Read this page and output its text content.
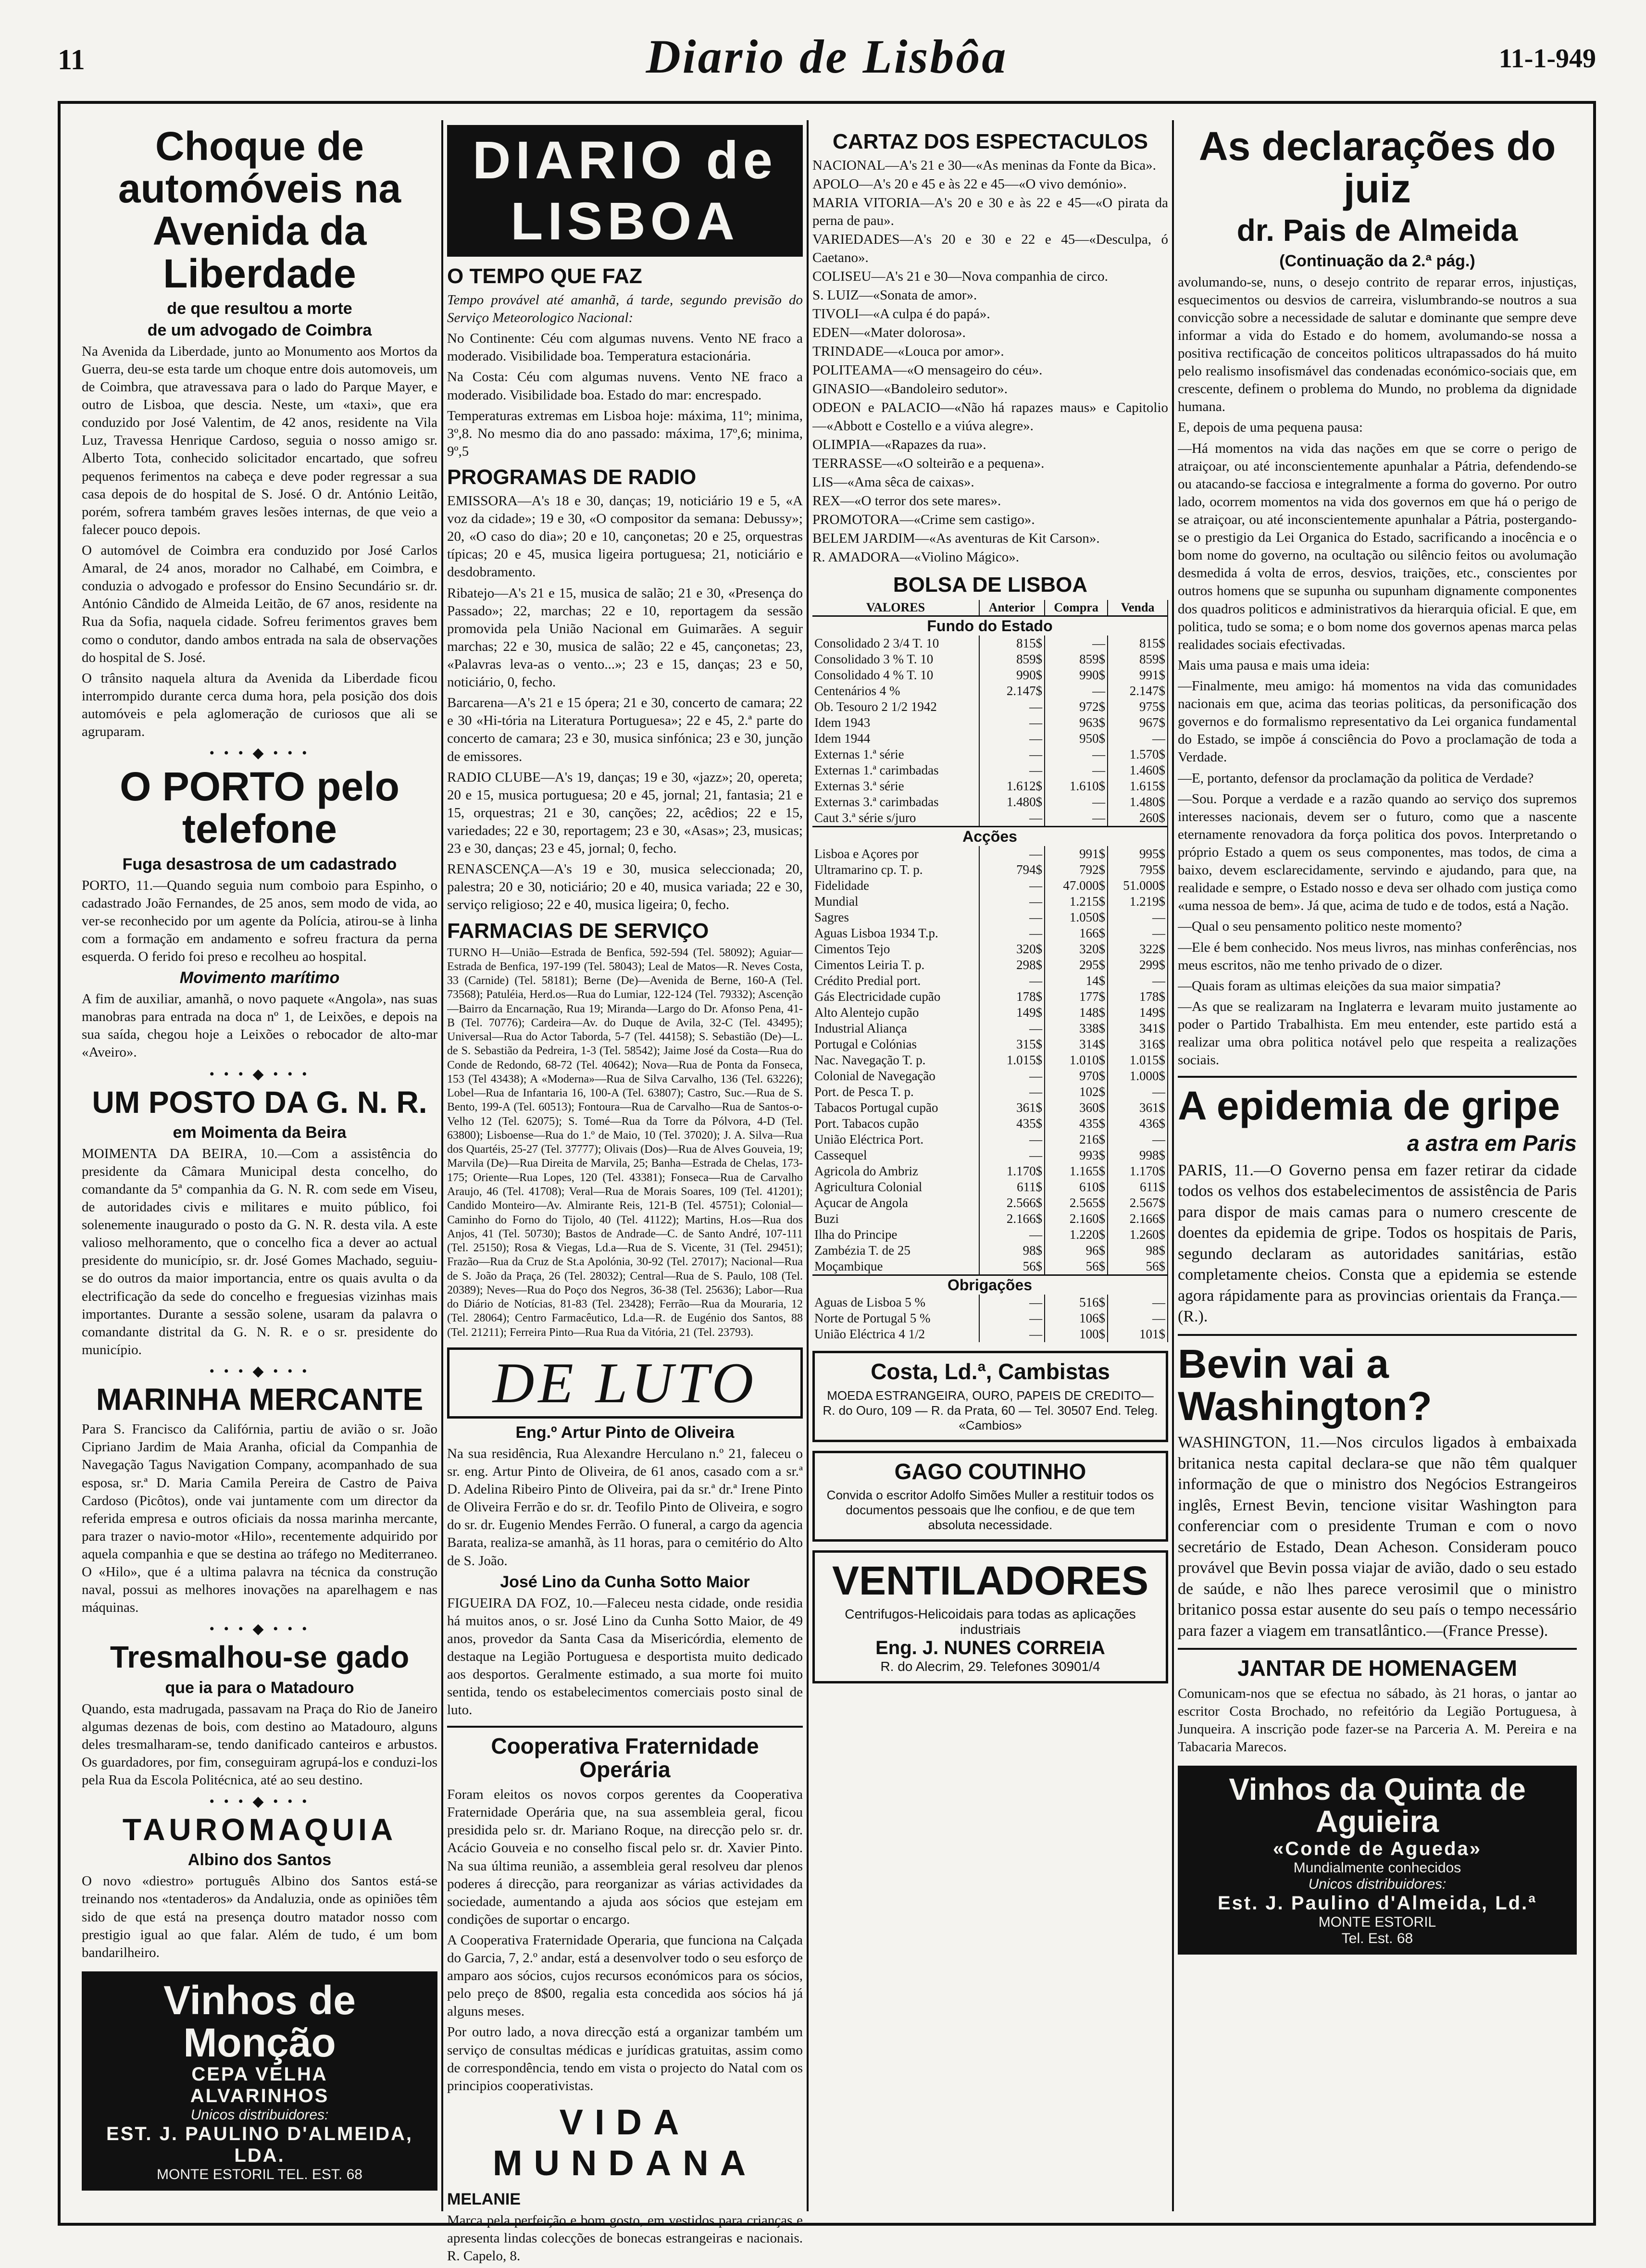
11	Diario de Lisbôa	11-1-949
Choque de automóveis na Avenida da Liberdade
de que resultou a morte
de um advogado de Coimbra

Na Avenida da Liberdade, junto ao Monumento aos Mortos da Guerra, deu-se esta tarde um choque entre dois automoveis, um de Coimbra, que atravessava para o lado do Parque Mayer, e outro de Lisboa, que descia. Neste, um «taxi», que era conduzido por José Valentim, de 42 anos, residente na Vila Luz, Travessa Henrique Cardoso, seguia o nosso amigo sr. Alberto Tota, conhecido solicitador encartado, que sofreu pequenos ferimentos na cabeça e deve poder regressar a sua casa depois de do hospital de S. José. O dr. António Leitão, porém, sofrera também graves lesões internas, de que veio a falecer pouco depois.

O automóvel de Coimbra era conduzido por José Carlos Amaral, de 24 anos, morador no Calhabé, em Coimbra, e conduzia o advogado e professor do Ensino Secundário sr. dr. António Cândido de Almeida Leitão, de 67 anos, residente na Rua da Sofia, naquela cidade. Sofreu ferimentos graves bem como o condutor, dando ambos entrada na sala de observações do hospital de S. José.

O trânsito naquela altura da Avenida da Liberdade ficou interrompido durante cerca duma hora, pela posição dos dois automóveis e pela aglomeração de curiosos que ali se agruparam.

• • • ◆ • • •
O PORTO pelo telefone
Fuga desastrosa de um cadastrado

PORTO, 11.—Quando seguia num comboio para Espinho, o cadastrado João Fernandes, de 25 anos, sem modo de vida, ao ver-se reconhecido por um agente da Polícia, atirou-se à linha com a formação em andamento e sofreu fractura da perna esquerda. O ferido foi preso e recolheu ao hospital.

Movimento marítimo

A fim de auxiliar, amanhã, o novo paquete «Angola», nas suas manobras para entrada na doca nº 1, de Leixões, e depois na sua saída, chegou hoje a Leixões o rebocador de alto-mar «Aveiro».

• • • ◆ • • •
UM POSTO DA G. N. R.
em Moimenta da Beira

MOIMENTA DA BEIRA, 10.—Com a assistência do presidente da Câmara Municipal desta concelho, do comandante da 5ª companhia da G. N. R. com sede em Viseu, de autoridades civis e militares e muito público, foi solenemente inaugurado o posto da G. N. R. desta vila. A este valioso melhoramento, que o concelho fica a dever ao actual presidente do município, sr. dr. José Gomes Machado, seguiu-se do outros da maior importancia, entre os quais avulta o da electrificação da sede do concelho e freguesias vizinhas mais importantes. Durante a sessão solene, usaram da palavra o comandante distrital da G. N. R. e o sr. presidente do município.

• • • ◆ • • •
MARINHA MERCANTE

Para S. Francisco da Califórnia, partiu de avião o sr. João Cipriano Jardim de Maia Aranha, oficial da Companhia de Navegação Tagus Navigation Company, acompanhado de sua esposa, sr.ª D. Maria Camila Pereira de Castro de Paiva Cardoso (Picôtos), onde vai juntamente com um director da referida empresa e outros oficiais da nossa marinha mercante, para trazer o navio-motor «Hilo», recentemente adquirido por aquela companhia e que se destina ao tráfego no Mediterraneo. O «Hilo», que é a ultima palavra na técnica da construção naval, possui as melhores inovações na aparelhagem e nas máquinas.

• • • ◆ • • •
Tresmalhou-se gado
que ia para o Matadouro

Quando, esta madrugada, passavam na Praça do Rio de Janeiro algumas dezenas de bois, com destino ao Matadouro, alguns deles tresmalharam-se, tendo danificado canteiros e arbustos. Os guardadores, por fim, conseguiram agrupá-los e conduzi-los pela Rua da Escola Politécnica, até ao seu destino.

• • • ◆ • • •
TAUROMAQUIA
Albino dos Santos

O novo «diestro» português Albino dos Santos está-se treinando nos «tentaderos» da Andaluzia, onde as opiniões têm sido de que está na presença doutro matador nosso com prestigio igual ao que falar. Além de tudo, é um bom bandarilheiro.

Vinhos de Monção
CEPA VELHA
ALVARINHOS
Unicos distribuidores:
EST. J. PAULINO D'ALMEIDA, LDA.
MONTE ESTORIL TEL. EST. 68
DIARIO de LISBOA
O TEMPO QUE FAZ

Tempo provável até amanhã, á tarde, segundo previsão do Serviço Meteorologico Nacional:

No Continente: Céu com algumas nuvens. Vento NE fraco a moderado. Visibilidade boa. Temperatura estacionária.

Na Costa: Céu com algumas nuvens. Vento NE fraco a moderado. Visibilidade boa. Estado do mar: encrespado.

Temperaturas extremas em Lisboa hoje: máxima, 11º; minima, 3º,8. No mesmo dia do ano passado: máxima, 17º,6; minima, 9º,5

PROGRAMAS DE RADIO

EMISSORA—A's 18 e 30, danças; 19, noticiário 19 e 5, «A voz da cidade»; 19 e 30, «O compositor da semana: Debussy»; 20, «O caso do dia»; 20 e 10, cançonetas; 20 e 25, orquestras típicas; 20 e 45, musica ligeira portuguesa; 21, noticiário e desdobramento.

Ribatejo—A's 21 e 15, musica de salão; 21 e 30, «Presença do Passado»; 22, marchas; 22 e 10, reportagem da sessão promovida pela União Nacional em Guimarães. A seguir marchas; 22 e 30, musica de salão; 22 e 45, cançonetas; 23, «Palavras leva-as o vento...»; 23 e 15, danças; 23 e 50, noticiário, 0, fecho.

Barcarena—A's 21 e 15 ópera; 21 e 30, concerto de camara; 22 e 30 «Hi-tória na Literatura Portuguesa»; 22 e 45, 2.ª parte do concerto de camara; 23 e 30, musica sinfónica; 23 e 30, junção de emissores.

RADIO CLUBE—A's 19, danças; 19 e 30, «jazz»; 20, opereta; 20 e 15, musica portuguesa; 20 e 45, jornal; 21, fantasia; 21 e 15, orquestras; 21 e 30, canções; 22, acêdios; 22 e 15, variedades; 22 e 30, reportagem; 23 e 30, «Asas»; 23, musicas; 23 e 30, danças; 23 e 45, jornal; 0, fecho.

RENASCENÇA—A's 19 e 30, musica seleccionada; 20, palestra; 20 e 30, noticiário; 20 e 40, musica variada; 22 e 30, serviço religioso; 22 e 40, musica ligeira; 0, fecho.

FARMACIAS DE SERVIÇO

TURNO H—União—Estrada de Benfica, 592-594 (Tel. 58092); Aguiar—Estrada de Benfica, 197-199 (Tel. 58043); Leal de Matos—R. Neves Costa, 33 (Carnide) (Tel. 58181); Berne (De)—Avenida de Berne, 160-A (Tel. 73568); Patuléia, Herd.os—Rua do Lumiar, 122-124 (Tel. 79332); Ascenção—Bairro da Encarnação, Rua 19; Miranda—Largo do Dr. Afonso Pena, 41-B (Tel. 70776); Cardeira—Av. do Duque de Avila, 32-C (Tel. 43495); Universal—Rua do Actor Taborda, 5-7 (Tel. 44158); S. Sebastião (De)—L. de S. Sebastião da Pedreira, 1-3 (Tel. 58542); Jaime José da Costa—Rua do Conde de Redondo, 68-72 (Tel. 40642); Nova—Rua de Ponta da Fonseca, 153 (Tel 43438); A «Moderna»—Rua de Silva Carvalho, 136 (Tel. 63226); Lobel—Rua de Infantaria 16, 100-A (Tel. 63807); Castro, Suc.—Rua de S. Bento, 199-A (Tel. 60513); Fontoura—Rua de Carvalho—Rua de Santos-o-Velho 12 (Tel. 62075); S. Tomé—Rua da Torre da Pólvora, 4-D (Tel. 63800); Lisboense—Rua do 1.º de Maio, 10 (Tel. 37020); J. A. Silva—Rua dos Quartéis, 25-27 (Tel. 37777); Olivais (Dos)—Rua de Alves Gouveia, 19; Marvila (De)—Rua Direita de Marvila, 25; Banha—Estrada de Chelas, 173-175; Oriente—Rua Lopes, 120 (Tel. 43381); Fonseca—Rua de Carvalho Araujo, 46 (Tel. 41708); Veral—Rua de Morais Soares, 109 (Tel. 41201); Candido Monteiro—Av. Almirante Reis, 121-B (Tel. 45751); Colonial—Caminho do Forno do Tijolo, 40 (Tel. 41122); Martins, H.os—Rua dos Anjos, 41 (Tel. 50730); Bastos de Andrade—C. de Santo André, 107-111 (Tel. 25150); Rosa & Viegas, Ld.a—Rua de S. Vicente, 31 (Tel. 29451); Frazão—Rua da Cruz de St.a Apolónia, 30-92 (Tel. 27017); Nacional—Rua de S. João da Praça, 26 (Tel. 28032); Central—Rua de S. Paulo, 108 (Tel. 20389); Neves—Rua do Poço dos Negros, 36-38 (Tel. 25636); Labor—Rua do Diário de Notícias, 81-83 (Tel. 23428); Ferrão—Rua da Mouraria, 12 (Tel. 28064); Centro Farmacêutico, Ld.a—R. de Eugénio dos Santos, 88 (Tel. 21211); Ferreira Pinto—Rua Rua da Vitória, 21 (Tel. 23793).

DE LUTO
Eng.º Artur Pinto de Oliveira

Na sua residência, Rua Alexandre Herculano n.º 21, faleceu o sr. eng. Artur Pinto de Oliveira, de 61 anos, casado com a sr.ª D. Adelina Ribeiro Pinto de Oliveira, pai da sr.ª dr.ª Irene Pinto de Oliveira Ferrão e do sr. dr. Teofilo Pinto de Oliveira, e sogro do sr. dr. Eugenio Mendes Ferrão. O funeral, a cargo da agencia Barata, realiza-se amanhã, às 11 horas, para o cemitério do Alto de S. João.

José Lino da Cunha Sotto Maior

FIGUEIRA DA FOZ, 10.—Faleceu nesta cidade, onde residia há muitos anos, o sr. José Lino da Cunha Sotto Maior, de 49 anos, provedor da Santa Casa da Misericórdia, elemento de destaque na Legião Portuguesa e desportista muito dedicado aos desportos. Geralmente estimado, a sua morte foi muito sentida, tendo os estabelecimentos comerciais posto sinal de luto.

Cooperativa Fraternidade Operária

Foram eleitos os novos corpos gerentes da Cooperativa Fraternidade Operária que, na sua assembleia geral, ficou presidida pelo sr. dr. Mariano Roque, na direcção pelo sr. dr. Acácio Gouveia e no conselho fiscal pelo sr. dr. Xavier Pinto. Na sua última reunião, a assembleia geral resolveu dar plenos poderes á direcção, para reorganizar as várias actividades da sociedade, aumentando a ajuda aos sócios que estejam em condições de suportar o encargo.

A Cooperativa Fraternidade Operaria, que funciona na Calçada do Garcia, 7, 2.º andar, está a desenvolver todo o seu esforço de amparo aos sócios, cujos recursos económicos para os sócios, pelo preço de 8$00, regalia esta concedida aos sócios há já alguns meses.

Por outro lado, a nova direcção está a organizar também um serviço de consultas médicas e jurídicas gratuitas, assim como de correspondência, tendo em vista o projecto do Natal com os principios cooperativistas.

VIDA MUNDANA
MELANIE

Marca pela perfeição e bom gosto, em vestidos para crianças e apresenta lindas colecções de bonecas estrangeiras e nacionais. R. Capelo, 8.

CARTAZ DOS ESPECTACULOS
NACIONAL—A's 21 e 30—«As meninas da Fonte da Bica».
APOLO—A's 20 e 45 e às 22 e 45—«O vivo demónio».
MARIA VITORIA—A's 20 e 30 e às 22 e 45—«O pirata da perna de pau».
VARIEDADES—A's 20 e 30 e 22 e 45—«Desculpa, ó Caetano».
COLISEU—A's 21 e 30—Nova companhia de circo.
S. LUIZ—«Sonata de amor».
TIVOLI—«A culpa é do papá».
EDEN—«Mater dolorosa».
TRINDADE—«Louca por amor».
POLITEAMA—«O mensageiro do céu».
GINASIO—«Bandoleiro sedutor».
ODEON e PALACIO—«Não há rapazes maus» e Capitolio—«Abbott e Costello e a viúva alegre».
OLIMPIA—«Rapazes da rua».
TERRASSE—«O solteirão e a pequena».
LIS—«Ama sêca de caixas».
REX—«O terror dos sete mares».
PROMOTORA—«Crime sem castigo».
BELEM JARDIM—«As aventuras de Kit Carson».
R. AMADORA—«Violino Mágico».
BOLSA DE LISBOA
VALORES	Anterior	Compra	Venda
Fundo do Estado			
Consolidado 2 3/4 T. 10	815$	—	815$
Consolidado 3 % T. 10	859$	859$	859$
Consolidado 4 % T. 10	990$	990$	991$
Centenários 4 %	2.147$	—	2.147$
Ob. Tesouro 2 1/2 1942	—	972$	975$
Idem 1943	—	963$	967$
Idem 1944	—	950$	—
Externas 1.ª série	—	—	1.570$
Externas 1.ª carimbadas	—	—	1.460$
Externas 3.ª série	1.612$	1.610$	1.615$
Externas 3.ª carimbadas	1.480$	—	1.480$
Caut 3.ª série s/juro	—	—	260$
Acções			
Lisboa e Açores por	—	991$	995$
Ultramarino cp. T. p.	794$	792$	795$
Fidelidade	—	47.000$	51.000$
Mundial	—	1.215$	1.219$
Sagres	—	1.050$	—
Aguas Lisboa 1934 T.p.	—	166$	—
Cimentos Tejo	320$	320$	322$
Cimentos Leiria T. p.	298$	295$	299$
Crédito Predial port.	—	14$	—
Gás Electricidade cupão	178$	177$	178$
Alto Alentejo cupão	149$	148$	149$
Industrial Aliança	—	338$	341$
Portugal e Colónias	315$	314$	316$
Nac. Navegação T. p.	1.015$	1.010$	1.015$
Colonial de Navegação	—	970$	1.000$
Port. de Pesca T. p.	—	102$	—
Tabacos Portugal cupão	361$	360$	361$
Port. Tabacos cupão	435$	435$	436$
União Eléctrica Port.	—	216$	—
Cassequel	—	993$	998$
Agricola do Ambriz	1.170$	1.165$	1.170$
Agricultura Colonial	611$	610$	611$
Açucar de Angola	2.566$	2.565$	2.567$
Buzi	2.166$	2.160$	2.166$
Ilha do Principe	—	1.220$	1.260$
Zambézia T. de 25	98$	96$	98$
Moçambique	56$	56$	56$
Obrigações			
Aguas de Lisboa 5 %	—	516$	—
Norte de Portugal 5 %	—	106$	—
União Eléctrica 4 1/2	—	100$	101$
Costa, Ld.ª, Cambistas
MOEDA ESTRANGEIRA, OURO, PAPEIS DE CREDITO—R. do Ouro, 109 — R. da Prata, 60 — Tel. 30507 End. Teleg. «Cambios»
GAGO COUTINHO
Convida o escritor Adolfo Simões Muller a restituir todos os documentos pessoais que lhe confiou, e de que tem absoluta necessidade.
VENTILADORES
Centrifugos-Helicoidais para todas as aplicações industriais
Eng. J. NUNES CORREIA
R. do Alecrim, 29. Telefones 30901/4
As declarações do juiz
dr. Pais de Almeida
(Continuação da 2.ª pág.)

avolumando-se, nuns, o desejo contrito de reparar erros, injustiças, esquecimentos ou desvios de carreira, vislumbrando-se noutros a sua convicção sobre a necessidade de salutar e dominante que sempre deve informar a vida do Estado e do homem, avolumando-se nossa a positiva rectificação de conceitos politicos ultrapassados do há muito pelo realismo insofismável das condenadas económico-sociais que, em crescente, definem o problema do Mundo, no problema da dignidade humana.

E, depois de uma pequena pausa:

—Há momentos na vida das nações em que se corre o perigo de atraiçoar, ou até inconscientemente apunhalar a Pátria, defendendo-se ou atacando-se facciosa e integralmente a forma do governo. Por outro lado, ocorrem momentos na vida dos governos em que há o perigo de se atraiçoar, ou até inconscientemente apunhalar a Pátria, postergando-se o prestigio da Lei Organica do Estado, sacrificando a inocência e o bom nome do governo, na ocultação ou silêncio feitos ou avolumação desmedida á volta de erros, desvios, traições, etc., conscientes por outros homens que se supunha ou supunham dignamente componentes dos quadros politicos e administrativos da hierarquia oficial. E que, em politica, tudo se soma; e o bom nome dos governos apenas marca pelas realidades sociais efectivadas.

Mais uma pausa e mais uma ideia:

—Finalmente, meu amigo: há momentos na vida das comunidades nacionais em que, acima das teorias politicas, da personificação dos governos e do formalismo representativo da Lei organica fundamental do Estado, se impõe á consciência do Povo a proclamação de toda a Verdade.

—E, portanto, defensor da proclamação da politica de Verdade?

—Sou. Porque a verdade e a razão quando ao serviço dos supremos interesses nacionais, devem ser o futuro, como que a nascente eternamente renovadora da força politica dos povos. Interpretando o próprio Estado a quem os seus componentes, mas todos, de cima a baixo, devem esclarecidamente, servindo e ajudando, para que, na realidade e sempre, o Estado nosso e deva ser olhado com justiça como «uma nessoa de bem». Já que, acima de tudo e de todos, está a Nação.

—Qual o seu pensamento politico neste momento?

—Ele é bem conhecido. Nos meus livros, nas minhas conferências, nos meus escritos, não me tenho privado de o dizer.

—Quais foram as ultimas eleições da sua maior simpatia?

—As que se realizaram na Inglaterra e levaram muito justamente ao poder o Partido Trabalhista. Em meu entender, este partido está a realizar uma obra politica notável pelo que respeita a realizações sociais.

A epidemia de gripe
a astra em Paris

PARIS, 11.—O Governo pensa em fazer retirar da cidade todos os velhos dos estabelecimentos de assistência de Paris para dispor de mais camas para o numero crescente de doentes da epidemia de gripe. Todos os hospitais de Paris, segundo declaram as autoridades sanitárias, estão completamente cheios. Consta que a epidemia se estende agora rápidamente para as provincias orientais da França.—(R.).

Bevin vai a Washington?

WASHINGTON, 11.—Nos circulos ligados à embaixada britanica nesta capital declara-se que não têm qualquer informação de que o ministro dos Negócios Estrangeiros inglês, Ernest Bevin, tencione visitar Washington para conferenciar com o presidente Truman e com o novo secretário de Estado, Dean Acheson. Consideram pouco provável que Bevin possa viajar de avião, dado o seu estado de saúde, e não lhes parece verosimil que o ministro britanico possa estar ausente do seu país o tempo necessário para fazer a viagem em transatlântico.—(France Presse).

JANTAR DE HOMENAGEM

Comunicam-nos que se efectua no sábado, às 21 horas, o jantar ao escritor Costa Brochado, no refeitório da Legião Portuguesa, à Junqueira. A inscrição pode fazer-se na Parceria A. M. Pereira e na Tabacaria Marecos.

Vinhos da Quinta de Aguieira
«Conde de Agueda»
Mundialmente conhecidos
Unicos distribuidores:
Est. J. Paulino d'Almeida, Ld.ª
MONTE ESTORIL
Tel. Est. 68
